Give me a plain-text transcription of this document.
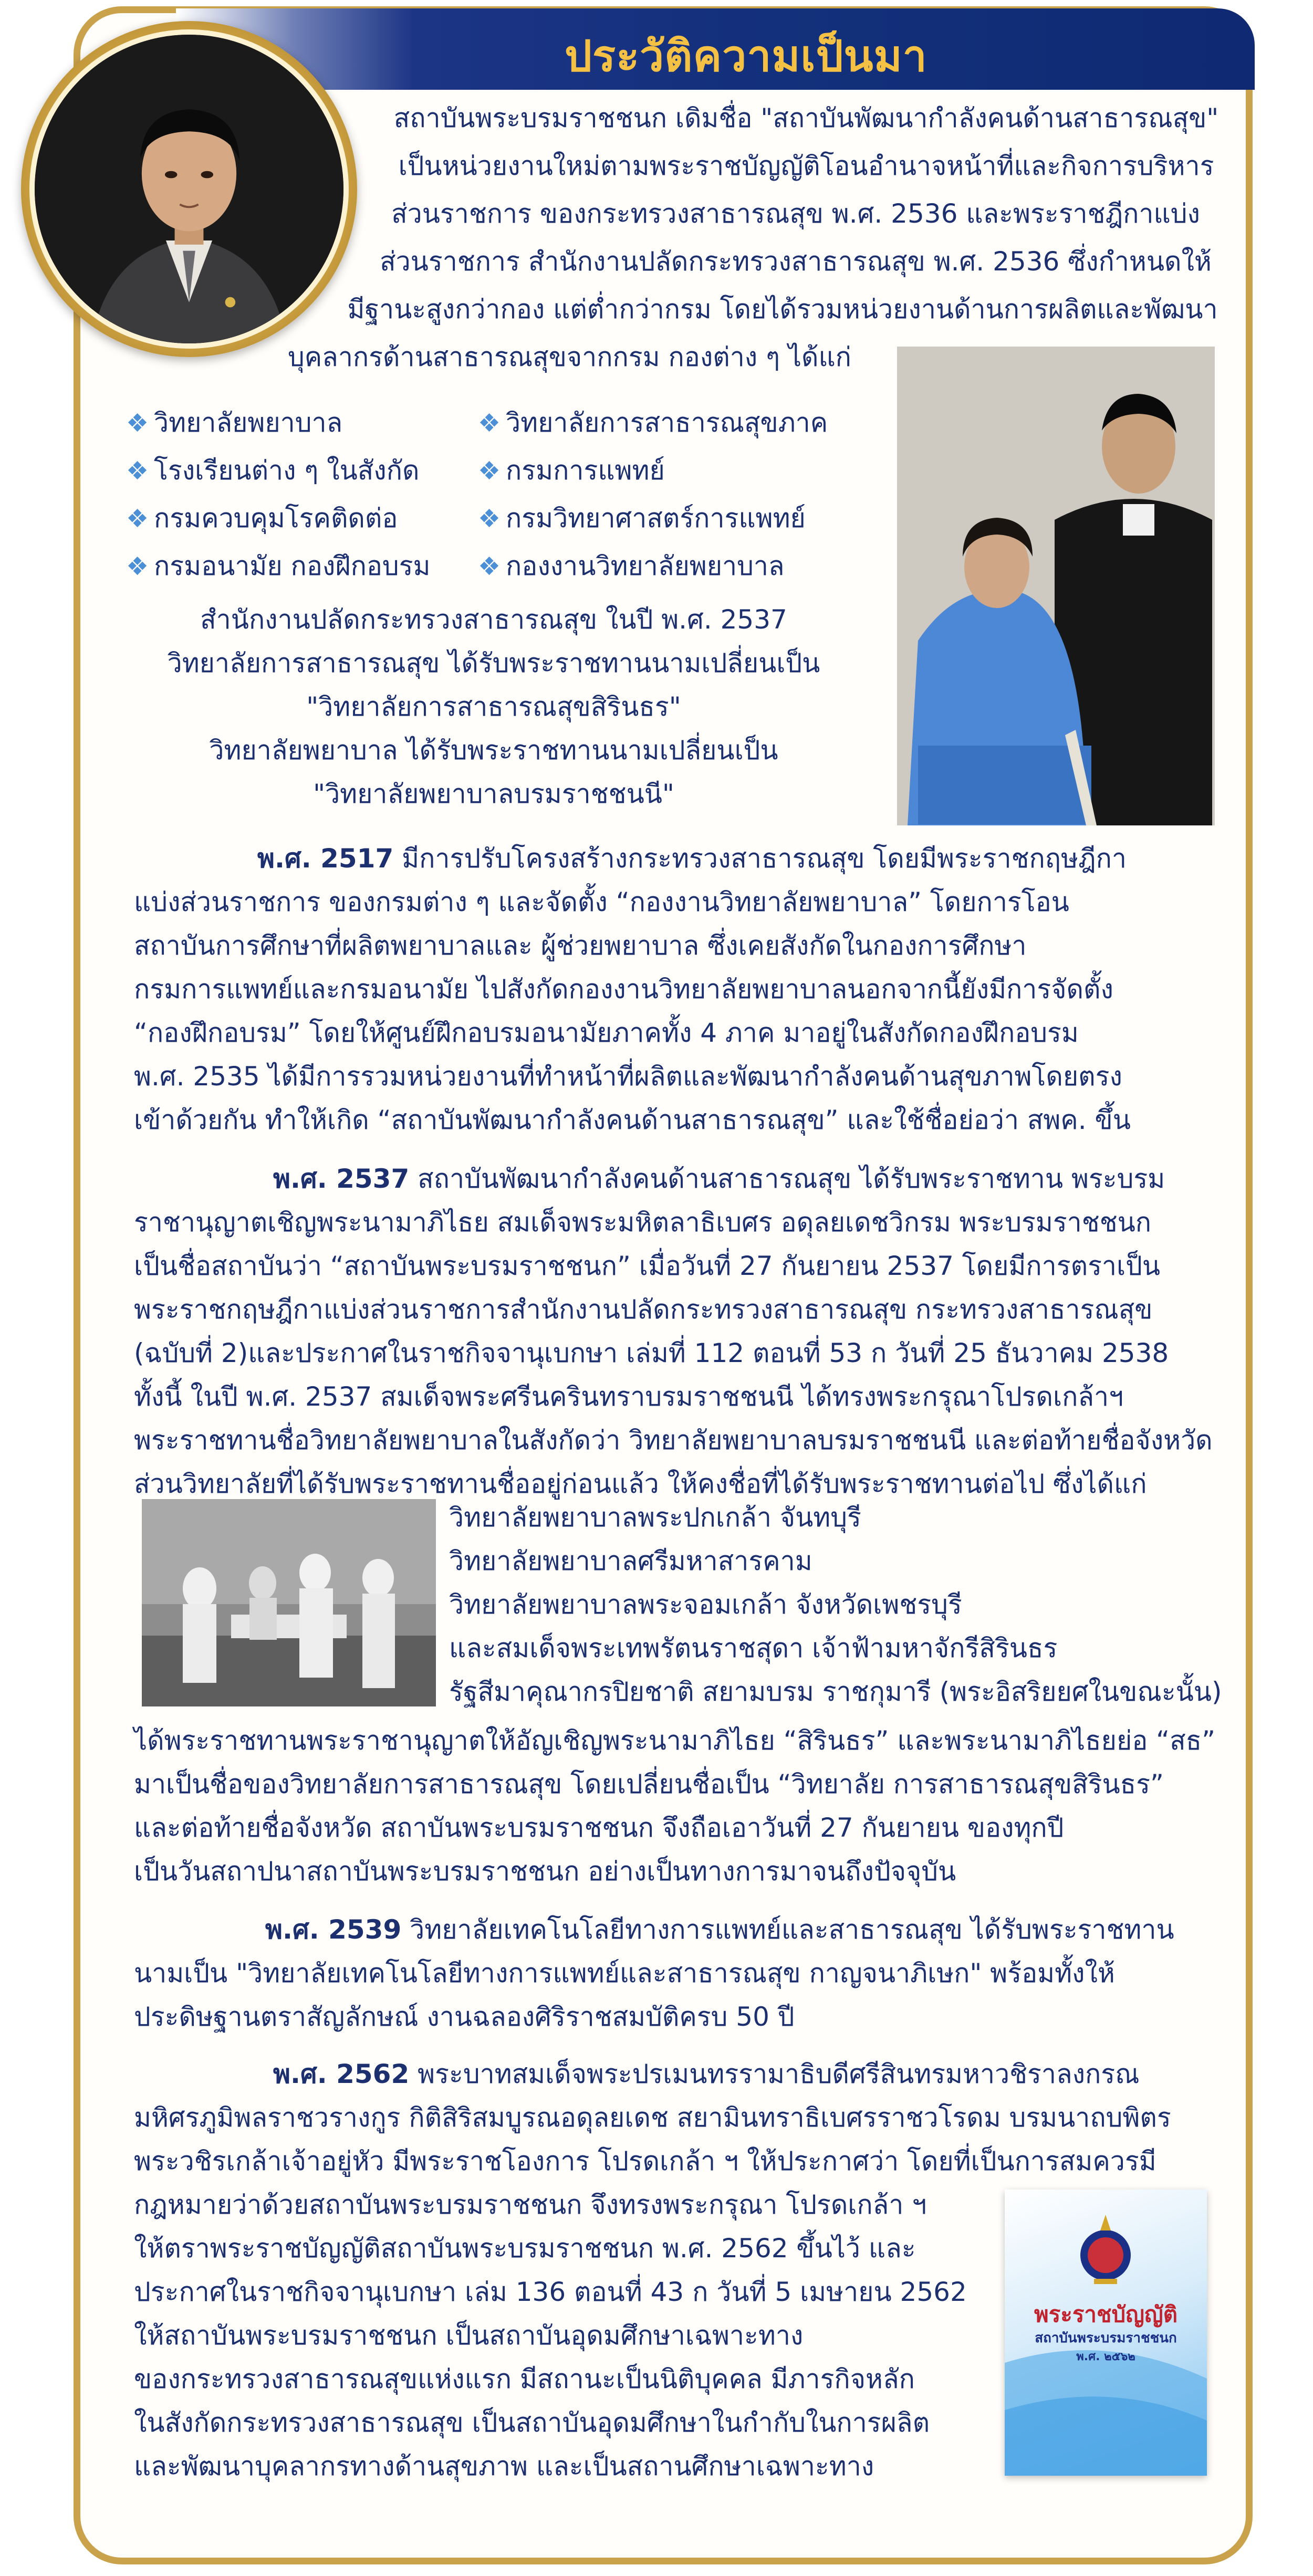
ประวัติความเป็นมา
สถาบันพระบรมราชชนก เดิมชื่อ "สถาบันพัฒนากำลังคนด้านสาธารณสุข"
เป็นหน่วยงานใหม่ตามพระราชบัญญัติโอนอำนาจหน้าที่และกิจการบริหาร
ส่วนราชการ ของกระทรวงสาธารณสุข พ.ศ. 2536 และพระราชฎีกาแบ่ง
ส่วนราชการ สำนักงานปลัดกระทรวงสาธารณสุข พ.ศ. 2536 ซึ่งกำหนดให้
มีฐานะสูงกว่ากอง แต่ต่ำกว่ากรม โดยได้รวมหน่วยงานด้านการผลิตและพัฒนา
บุคลากรด้านสาธารณสุขจากกรม กองต่าง ๆ ได้แก่
❖ วิทยาลัยพยาบาล
❖ โรงเรียนต่าง ๆ ในสังกัด
❖ กรมควบคุมโรคติดต่อ
❖ กรมอนามัย กองฝึกอบรม
❖ วิทยาลัยการสาธารณสุขภาค
❖ กรมการแพทย์
❖ กรมวิทยาศาสตร์การแพทย์
❖ กองงานวิทยาลัยพยาบาล
สำนักงานปลัดกระทรวงสาธารณสุข ในปี พ.ศ. 2537
วิทยาลัยการสาธารณสุข ได้รับพระราชทานนามเปลี่ยนเป็น
"วิทยาลัยการสาธารณสุขสิรินธร"
วิทยาลัยพยาบาล ได้รับพระราชทานนามเปลี่ยนเป็น
"วิทยาลัยพยาบาลบรมราชชนนี"
พ.ศ. 2517 มีการปรับโครงสร้างกระทรวงสาธารณสุข โดยมีพระราชกฤษฎีกา
แบ่งส่วนราชการ ของกรมต่าง ๆ และจัดตั้ง “กองงานวิทยาลัยพยาบาล” โดยการโอน
สถาบันการศึกษาที่ผลิตพยาบาลและ ผู้ช่วยพยาบาล ซึ่งเคยสังกัดในกองการศึกษา
กรมการแพทย์และกรมอนามัย ไปสังกัดกองงานวิทยาลัยพยาบาลนอกจากนี้ยังมีการจัดตั้ง
“กองฝึกอบรม” โดยให้ศูนย์ฝึกอบรมอนามัยภาคทั้ง 4 ภาค มาอยู่ในสังกัดกองฝึกอบรม
พ.ศ. 2535 ได้มีการรวมหน่วยงานที่ทำหน้าที่ผลิตและพัฒนากำลังคนด้านสุขภาพโดยตรง
เข้าด้วยกัน ทำให้เกิด “สถาบันพัฒนากำลังคนด้านสาธารณสุข” และใช้ชื่อย่อว่า สพค. ขึ้น
พ.ศ. 2537 สถาบันพัฒนากำลังคนด้านสาธารณสุข ได้รับพระราชทาน พระบรม
ราชานุญาตเชิญพระนามาภิไธย สมเด็จพระมหิตลาธิเบศร อดุลยเดชวิกรม พระบรมราชชนก
เป็นชื่อสถาบันว่า “สถาบันพระบรมราชชนก” เมื่อวันที่ 27 กันยายน 2537 โดยมีการตราเป็น
พระราชกฤษฎีกาแบ่งส่วนราชการสำนักงานปลัดกระทรวงสาธารณสุข กระทรวงสาธารณสุข
(ฉบับที่ 2)และประกาศในราชกิจจานุเบกษา เล่มที่ 112 ตอนที่ 53 ก วันที่ 25 ธันวาคม 2538
ทั้งนี้ ในปี พ.ศ. 2537 สมเด็จพระศรีนครินทราบรมราชชนนี ได้ทรงพระกรุณาโปรดเกล้าฯ
พระราชทานชื่อวิทยาลัยพยาบาลในสังกัดว่า วิทยาลัยพยาบาลบรมราชชนนี และต่อท้ายชื่อจังหวัด
ส่วนวิทยาลัยที่ได้รับพระราชทานชื่ออยู่ก่อนแล้ว ให้คงชื่อที่ได้รับพระราชทานต่อไป ซึ่งได้แก่
วิทยาลัยพยาบาลพระปกเกล้า จันทบุรี
วิทยาลัยพยาบาลศรีมหาสารคาม
วิทยาลัยพยาบาลพระจอมเกล้า จังหวัดเพชรบุรี
และสมเด็จพระเทพรัตนราชสุดา เจ้าฟ้ามหาจักรีสิรินธร
รัฐสีมาคุณากรปิยชาติ สยามบรม ราชกุมารี (พระอิสริยยศในขณะนั้น)
ได้พระราชทานพระราชานุญาตให้อัญเชิญพระนามาภิไธย “สิรินธร” และพระนามาภิไธยย่อ “สธ”
มาเป็นชื่อของวิทยาลัยการสาธารณสุข โดยเปลี่ยนชื่อเป็น “วิทยาลัย การสาธารณสุขสิรินธร”
และต่อท้ายชื่อจังหวัด สถาบันพระบรมราชชนก จึงถือเอาวันที่ 27 กันยายน ของทุกปี
เป็นวันสถาปนาสถาบันพระบรมราชชนก อย่างเป็นทางการมาจนถึงปัจจุบัน
พ.ศ. 2539 วิทยาลัยเทคโนโลยีทางการแพทย์และสาธารณสุข ได้รับพระราชทาน
นามเป็น "วิทยาลัยเทคโนโลยีทางการแพทย์และสาธารณสุข กาญจนาภิเษก" พร้อมทั้งให้
ประดิษฐานตราสัญลักษณ์ งานฉลองศิริราชสมบัติครบ 50 ปี
พ.ศ. 2562 พระบาทสมเด็จพระปรเมนทรรามาธิบดีศรีสินทรมหาวชิราลงกรณ
มหิศรภูมิพลราชวรางกูร กิติสิริสมบูรณอดุลยเดช สยามินทราธิเบศรราชวโรดม บรมนาถบพิตร
พระวชิรเกล้าเจ้าอยู่หัว มีพระราชโองการ โปรดเกล้า ฯ ให้ประกาศว่า โดยที่เป็นการสมควรมี
กฎหมายว่าด้วยสถาบันพระบรมราชชนก จึงทรงพระกรุณา โปรดเกล้า ฯ
ให้ตราพระราชบัญญัติสถาบันพระบรมราชชนก พ.ศ. 2562 ขึ้นไว้ และ
ประกาศในราชกิจจานุเบกษา เล่ม 136 ตอนที่ 43 ก วันที่ 5 เมษายน 2562
ให้สถาบันพระบรมราชชนก เป็นสถาบันอุดมศึกษาเฉพาะทาง
ของกระทรวงสาธารณสุขแห่งแรก มีสถานะเป็นนิติบุคคล มีภารกิจหลัก
ในสังกัดกระทรวงสาธารณสุข เป็นสถาบันอุดมศึกษาในกำกับในการผลิต
และพัฒนาบุคลากรทางด้านสุขภาพ และเป็นสถานศึกษาเฉพาะทาง
พระราชบัญญัติ
สถาบันพระบรมราชชนก
พ.ศ. ๒๕๖๒
